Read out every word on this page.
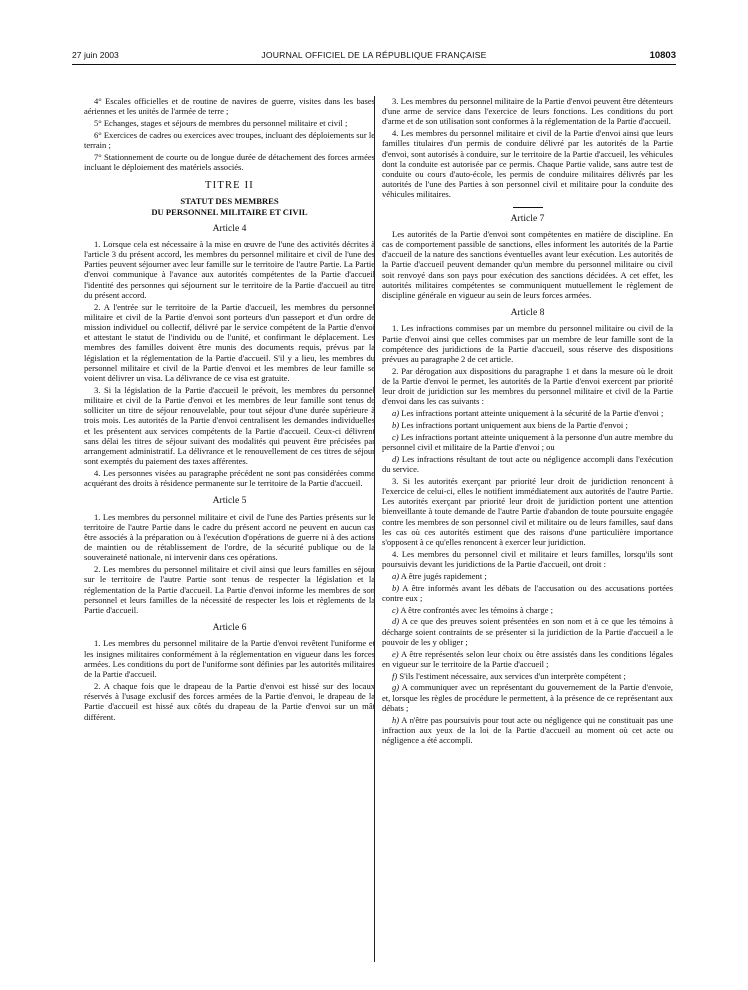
27 juin 2003	JOURNAL OFFICIEL DE LA RÉPUBLIQUE FRANÇAISE	10803

4° Escales officielles et de routine de navires de guerre, visites dans les bases aériennes et les unités de l'armée de terre ;

5° Echanges, stages et séjours de membres du personnel militaire et civil ;

6° Exercices de cadres ou exercices avec troupes, incluant des déploiements sur le terrain ;

7° Stationnement de courte ou de longue durée de détachement des forces armées incluant le déploiement des matériels associés.

TITRE II
STATUT DES MEMBRES
DU PERSONNEL MILITAIRE ET CIVIL
Article 4

1. Lorsque cela est nécessaire à la mise en œuvre de l'une des activités décrites à l'article 3 du présent accord, les membres du personnel militaire et civil de l'une des Parties peuvent séjourner avec leur famille sur le territoire de l'autre Partie. La Partie d'envoi communique à l'avance aux autorités compétentes de la Partie d'accueil l'identité des personnes qui séjournent sur le territoire de la Partie d'accueil au titre du présent accord.

2. A l'entrée sur le territoire de la Partie d'accueil, les membres du personnel militaire et civil de la Partie d'envoi sont porteurs d'un passeport et d'un ordre de mission individuel ou collectif, délivré par le service compétent de la Partie d'envoi et attestant le statut de l'individu ou de l'unité, et confirmant le déplacement. Les membres des familles doivent être munis des documents requis, prévus par la législation et la réglementation de la Partie d'accueil. S'il y a lieu, les membres du personnel militaire et civil de la Partie d'envoi et les membres de leur famille se voient délivrer un visa. La délivrance de ce visa est gratuite.

3. Si la législation de la Partie d'accueil le prévoit, les membres du personnel militaire et civil de la Partie d'envoi et les membres de leur famille sont tenus de solliciter un titre de séjour renouvelable, pour tout séjour d'une durée supérieure à trois mois. Les autorités de la Partie d'envoi centralisent les demandes individuelles et les présentent aux services compétents de la Partie d'accueil. Ceux-ci délivrent sans délai les titres de séjour suivant des modalités qui peuvent être précisées par arrangement administratif. La délivrance et le renouvellement de ces titres de séjour sont exemptés du paiement des taxes afférentes.

4. Les personnes visées au paragraphe précédent ne sont pas considérées comme acquérant des droits à résidence permanente sur le territoire de la Partie d'accueil.

Article 5

1. Les membres du personnel militaire et civil de l'une des Parties présents sur le territoire de l'autre Partie dans le cadre du présent accord ne peuvent en aucun cas être associés à la préparation ou à l'exécution d'opérations de guerre ni à des actions de maintien ou de rétablissement de l'ordre, de la sécurité publique ou de la souveraineté nationale, ni intervenir dans ces opérations.

2. Les membres du personnel militaire et civil ainsi que leurs familles en séjour sur le territoire de l'autre Partie sont tenus de respecter la législation et la réglementation de la Partie d'accueil. La Partie d'envoi informe les membres de son personnel et leurs familles de la nécessité de respecter les lois et règlements de la Partie d'accueil.

Article 6

1. Les membres du personnel militaire de la Partie d'envoi revêtent l'uniforme et les insignes militaires conformément à la réglementation en vigueur dans les forces armées. Les conditions du port de l'uniforme sont définies par les autorités militaires de la Partie d'accueil.

2. A chaque fois que le drapeau de la Partie d'envoi est hissé sur des locaux réservés à l'usage exclusif des forces armées de la Partie d'envoi, le drapeau de la Partie d'accueil est hissé aux côtés du drapeau de la Partie d'envoi sur un mât différent.

3. Les membres du personnel militaire de la Partie d'envoi peuvent être détenteurs d'une arme de service dans l'exercice de leurs fonctions. Les conditions du port d'arme et de son utilisation sont conformes à la réglementation de la Partie d'accueil.

4. Les membres du personnel militaire et civil de la Partie d'envoi ainsi que leurs familles titulaires d'un permis de conduire délivré par les autorités de la Partie d'envoi, sont autorisés à conduire, sur le territoire de la Partie d'accueil, les véhicules dont la conduite est autorisée par ce permis. Chaque Partie valide, sans autre test de conduite ou cours d'auto-école, les permis de conduire militaires délivrés par les autorités de l'une des Parties à son personnel civil et militaire pour la conduite des véhicules militaires.

Article 7

Les autorités de la Partie d'envoi sont compétentes en matière de discipline. En cas de comportement passible de sanctions, elles informent les autorités de la Partie d'accueil de la nature des sanctions éventuelles avant leur exécution. Les autorités de la Partie d'accueil peuvent demander qu'un membre du personnel militaire ou civil soit renvoyé dans son pays pour exécution des sanctions décidées. A cet effet, les autorités militaires compétentes se communiquent mutuellement le règlement de discipline générale en vigueur au sein de leurs forces armées.

Article 8

1. Les infractions commises par un membre du personnel militaire ou civil de la Partie d'envoi ainsi que celles commises par un membre de leur famille sont de la compétence des juridictions de la Partie d'accueil, sous réserve des dispositions prévues au paragraphe 2 de cet article.

2. Par dérogation aux dispositions du paragraphe 1 et dans la mesure où le droit de la Partie d'envoi le permet, les autorités de la Partie d'envoi exercent par priorité leur droit de juridiction sur les membres du personnel militaire et civil de la Partie d'envoi dans les cas suivants :

a) Les infractions portant atteinte uniquement à la sécurité de la Partie d'envoi ;

b) Les infractions portant uniquement aux biens de la Partie d'envoi ;

c) Les infractions portant atteinte uniquement à la personne d'un autre membre du personnel civil et militaire de la Partie d'envoi ; ou

d) Les infractions résultant de tout acte ou négligence accompli dans l'exécution du service.

3. Si les autorités exerçant par priorité leur droit de juridiction renoncent à l'exercice de celui-ci, elles le notifient immédiatement aux autorités de l'autre Partie. Les autorités exerçant par priorité leur droit de juridiction portent une attention bienveillante à toute demande de l'autre Partie d'abandon de toute poursuite engagée contre les membres de son personnel civil et militaire ou de leurs familles, sauf dans les cas où ces autorités estiment que des raisons d'une particulière importance s'opposent à ce qu'elles renoncent à exercer leur juridiction.

4. Les membres du personnel civil et militaire et leurs familles, lorsqu'ils sont poursuivis devant les juridictions de la Partie d'accueil, ont droit :

a) A être jugés rapidement ;

b) A être informés avant les débats de l'accusation ou des accusations portées contre eux ;

c) A être confrontés avec les témoins à charge ;

d) A ce que des preuves soient présentées en son nom et à ce que les témoins à décharge soient contraints de se présenter si la juridiction de la Partie d'accueil a le pouvoir de les y obliger ;

e) A être représentés selon leur choix ou être assistés dans les conditions légales en vigueur sur le territoire de la Partie d'accueil ;

f) S'ils l'estiment nécessaire, aux services d'un interprète compétent ;

g) A communiquer avec un représentant du gouvernement de la Partie d'envoie, et, lorsque les règles de procédure le permettent, à la présence de ce représentant aux débats ;

h) A n'être pas poursuivis pour tout acte ou négligence qui ne constituait pas une infraction aux yeux de la loi de la Partie d'accueil au moment où cet acte ou négligence a été accompli.
